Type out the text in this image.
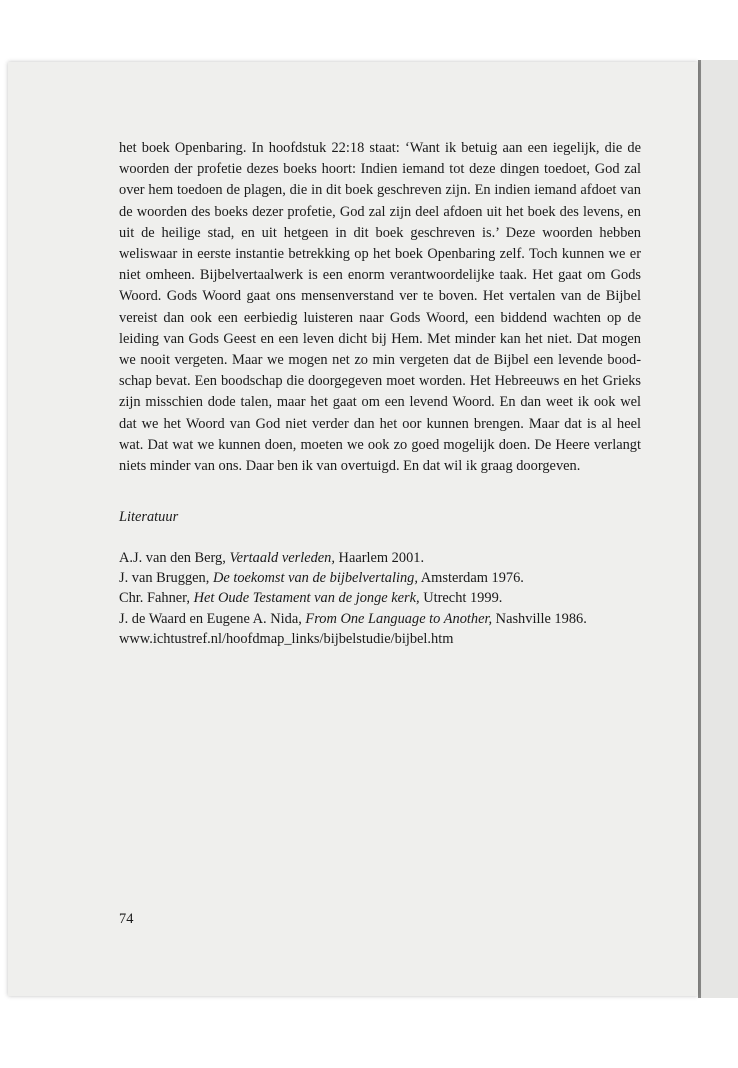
het boek Openbaring. In hoofdstuk 22:18 staat: ‘Want ik betuig aan een iegelijk, die de woorden der profetie dezes boeks hoort: Indien iemand tot deze dingen toedoet, God zal over hem toedoen de plagen, die in dit boek geschreven zijn. En indien iemand afdoet van de woorden des boeks dezer profetie, God zal zijn deel afdoen uit het boek des levens, en uit de heilige stad, en uit hetgeen in dit boek geschreven is.’ Deze woorden hebben weliswaar in eerste instantie betrekking op het boek Openbaring zelf. Toch kunnen we er niet omheen. Bijbelvertaalwerk is een enorm verantwoordelijke taak. Het gaat om Gods Woord. Gods Woord gaat ons mensenverstand ver te boven. Het vertalen van de Bijbel vereist dan ook een eerbiedig luisteren naar Gods Woord, een biddend wachten op de leiding van Gods Geest en een leven dicht bij Hem. Met minder kan het niet. Dat mogen we nooit vergeten. Maar we mogen net zo min vergeten dat de Bijbel een levende boodschap bevat. Een boodschap die doorgegeven moet worden. Het Hebreeuws en het Grieks zijn misschien dode talen, maar het gaat om een levend Woord. En dan weet ik ook wel dat we het Woord van God niet verder dan het oor kunnen brengen. Maar dat is al heel wat. Dat wat we kunnen doen, moeten we ook zo goed mogelijk doen. De Heere verlangt niets minder van ons. Daar ben ik van overtuigd. En dat wil ik graag doorgeven.

Literatuur
A.J. van den Berg, Vertaald verleden, Haarlem 2001.
J. van Bruggen, De toekomst van de bijbelvertaling, Amsterdam 1976.
Chr. Fahner, Het Oude Testament van de jonge kerk, Utrecht 1999.
J. de Waard en Eugene A. Nida, From One Language to Another, Nashville 1986.
www.ichtustref.nl/hoofdmap_links/bijbelstudie/bijbel.htm
74
